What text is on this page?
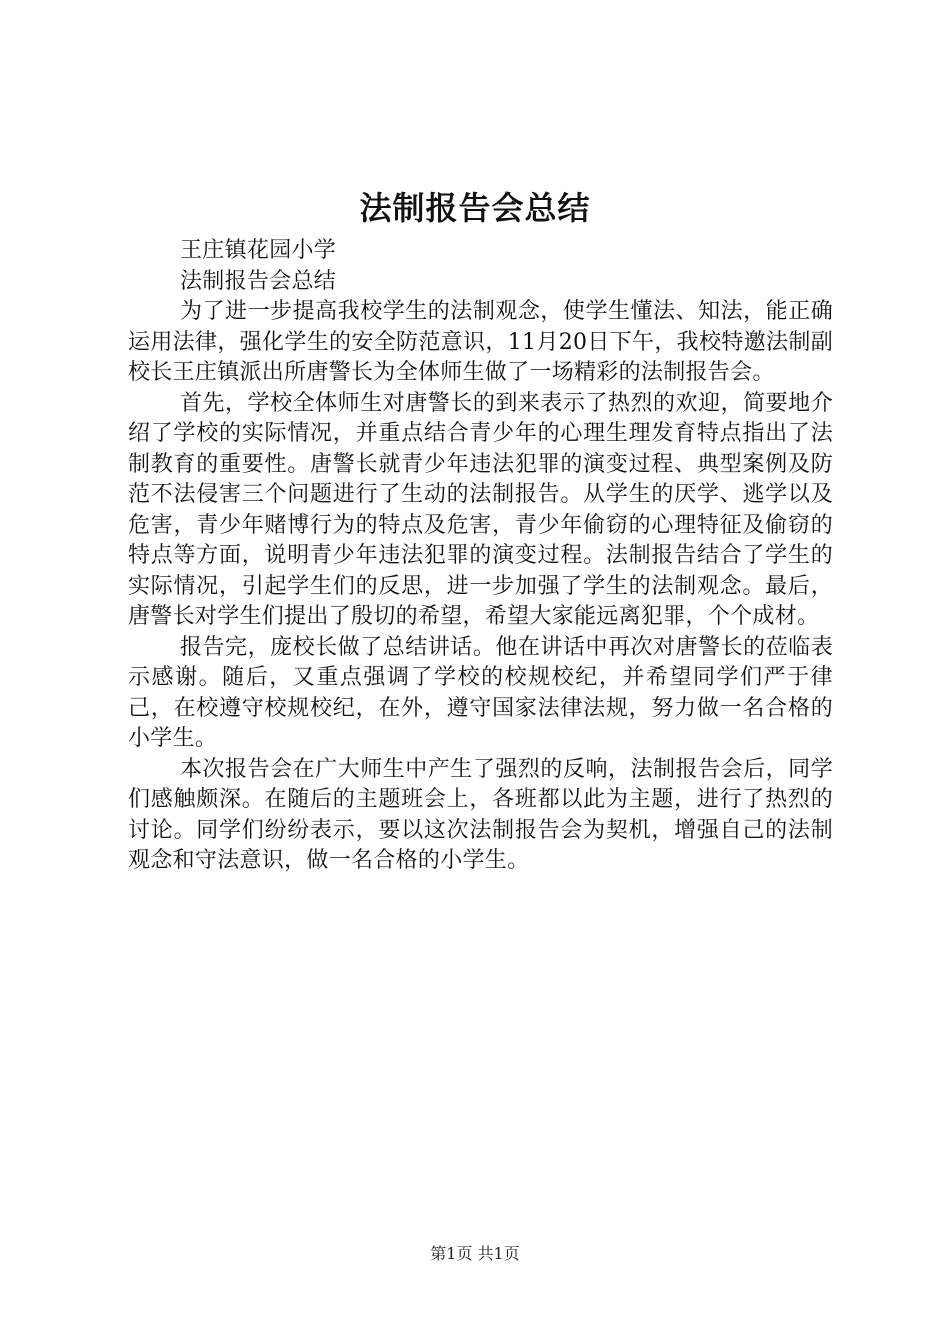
法制报告会总结

王庄镇花园小学

法制报告会总结

为了进一步提高我校学生的法制观念，使学生懂法、知法，能正确运用法律，强化学生的安全防范意识，11月20日下午，我校特邀法制副校长王庄镇派出所唐警长为全体师生做了一场精彩的法制报告会。

首先，学校全体师生对唐警长的到来表示了热烈的欢迎，简要地介绍了学校的实际情况，并重点结合青少年的心理生理发育特点指出了法制教育的重要性。唐警长就青少年违法犯罪的演变过程、典型案例及防范不法侵害三个问题进行了生动的法制报告。从学生的厌学、逃学以及危害，青少年赌博行为的特点及危害，青少年偷窃的心理特征及偷窃的特点等方面，说明青少年违法犯罪的演变过程。法制报告结合了学生的实际情况，引起学生们的反思，进一步加强了学生的法制观念。最后，唐警长对学生们提出了殷切的希望，希望大家能远离犯罪，个个成材。

报告完，庞校长做了总结讲话。他在讲话中再次对唐警长的莅临表示感谢。随后，又重点强调了学校的校规校纪，并希望同学们严于律己，在校遵守校规校纪，在外，遵守国家法律法规，努力做一名合格的小学生。

本次报告会在广大师生中产生了强烈的反响，法制报告会后，同学们感触颇深。在随后的主题班会上，各班都以此为主题，进行了热烈的讨论。同学们纷纷表示，要以这次法制报告会为契机，增强自己的法制观念和守法意识，做一名合格的小学生。

第1页 共1页
